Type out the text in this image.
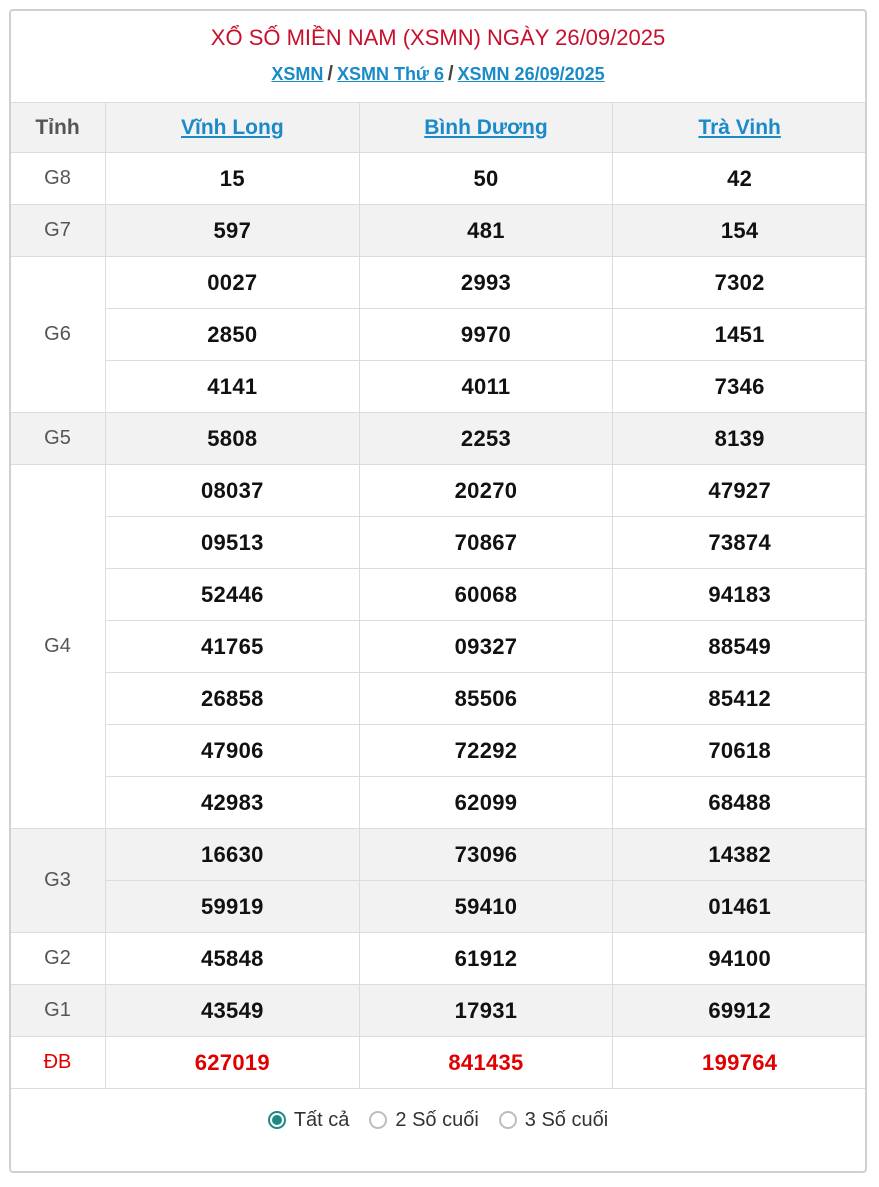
XỔ SỐ MIỀN NAM (XSMN) NGÀY 26/09/2025
XSMN / XSMN Thứ 6 / XSMN 26/09/2025
Tỉnh	Vĩnh Long	Bình Dương	Trà Vinh
G8	15	50	42
G7	597	481	154
G6	0027	2993	7302
	2850	9970	1451
	4141	4011	7346
G5	5808	2253	8139
G4	08037	20270	47927
	09513	70867	73874
	52446	60068	94183
	41765	09327	88549
	26858	85506	85412
	47906	72292	70618
	42983	62099	68488
G3	16630	73096	14382
	59919	59410	01461
G2	45848	61912	94100
G1	43549	17931	69912
ĐB	627019	841435	199764
Tất cả 2 Số cuối 3 Số cuối
